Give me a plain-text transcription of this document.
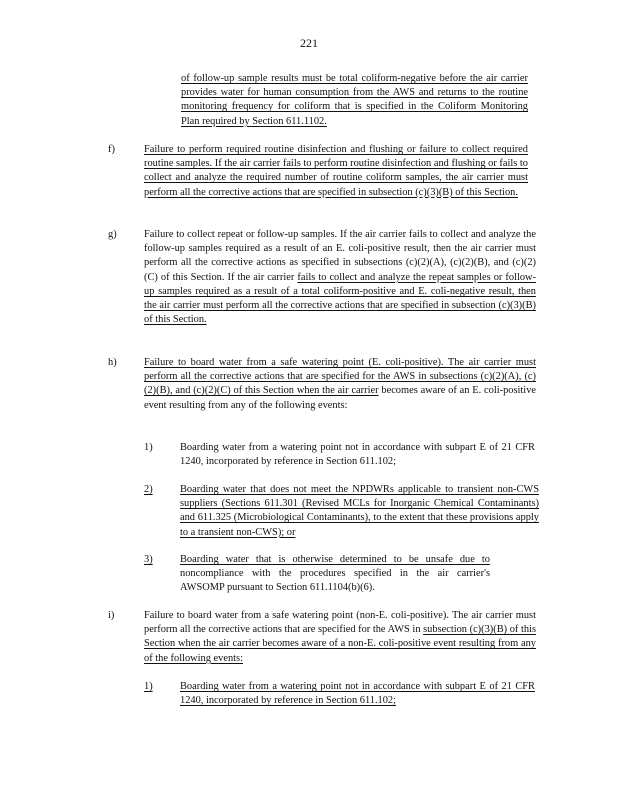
221
of follow-up sample results must be total coliform-negative before the air carrier provides water for human consumption from the AWS and returns to the routine monitoring frequency for coliform that is specified in the Coliform Monitoring Plan required by Section 611.1102.
f)	Failure to perform required routine disinfection and flushing or failure to collect required routine samples. If the air carrier fails to perform routine disinfection and flushing or fails to collect and analyze the required number of routine coliform samples, the air carrier must perform all the corrective actions that are specified in subsection (c)(3)(B) of this Section.
g)	Failure to collect repeat or follow-up samples. If the air carrier fails to collect and analyze the follow-up samples required as a result of an E. coli-positive result, then the air carrier must perform all the corrective actions as specified in subsections (c)(2)(A), (c)(2)(B), and (c)(2)(C) of this Section. If the air carrier fails to collect and analyze the repeat samples or follow-up samples required as a result of a total coliform-positive and E. coli-negative result, then the air carrier must perform all the corrective actions that are specified in subsection (c)(3)(B) of this Section.
h)	Failure to board water from a safe watering point (E. coli-positive). The air carrier must perform all the corrective actions that are specified for the AWS in subsections (c)(2)(A), (c)(2)(B), and (c)(2)(C) of this Section when the air carrier becomes aware of an E. coli-positive event resulting from any of the following events:
1)	Boarding water from a watering point not in accordance with subpart E of 21 CFR 1240, incorporated by reference in Section 611.102;
2)	Boarding water that does not meet the NPDWRs applicable to transient non-CWS suppliers (Sections 611.301 (Revised MCLs for Inorganic Chemical Contaminants) and 611.325 (Microbiological Contaminants), to the extent that these provisions apply to a transient non-CWS); or
3)	Boarding water that is otherwise determined to be unsafe due to noncompliance with the procedures specified in the air carrier's AWSOMP pursuant to Section 611.1104(b)(6).
i)	Failure to board water from a safe watering point (non-E. coli-positive). The air carrier must perform all the corrective actions that are specified for the AWS in subsection (c)(3)(B) of this Section when the air carrier becomes aware of a non-E. coli-positive event resulting from any of the following events:
1)	Boarding water from a watering point not in accordance with subpart E of 21 CFR 1240, incorporated by reference in Section 611.102;
